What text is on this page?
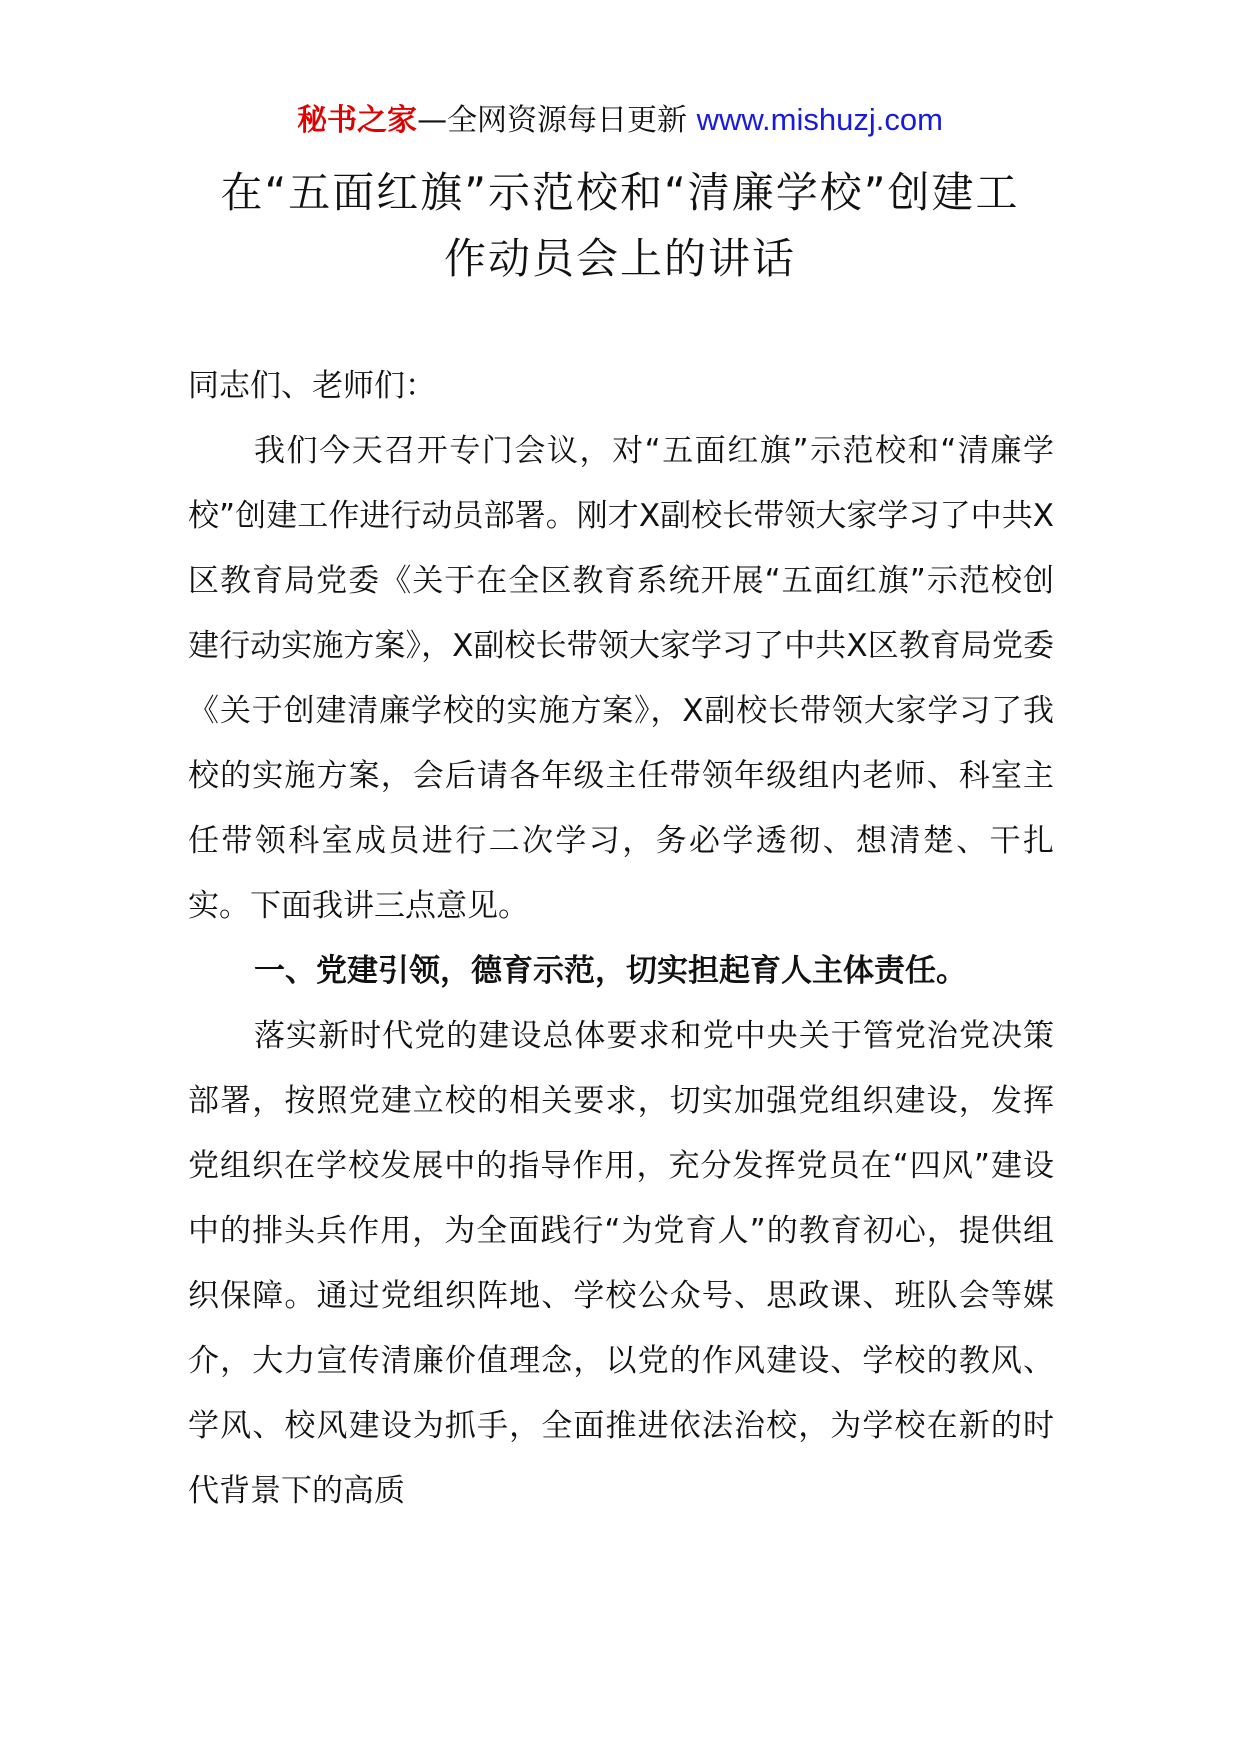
秘书之家—全网资源每日更新 www.mishuzj.com
在“五面红旗”示范校和“清廉学校”创建工作动员会上的讲话

同志们、老师们：

我们今天召开专门会议，对“五面红旗”示范校和“清廉学校”创建工作进行动员部署。刚才X副校长带领大家学习了中共X区教育局党委《关于在全区教育系统开展“五面红旗”示范校创建行动实施方案》，X副校长带领大家学习了中共X区教育局党委《关于创建清廉学校的实施方案》，X副校长带领大家学习了我校的实施方案，会后请各年级主任带领年级组内老师、科室主任带领科室成员进行二次学习，务必学透彻、想清楚、干扎实。下面我讲三点意见。

一、党建引领，德育示范，切实担起育人主体责任。

落实新时代党的建设总体要求和党中央关于管党治党决策部署，按照党建立校的相关要求，切实加强党组织建设，发挥党组织在学校发展中的指导作用，充分发挥党员在“四风”建设中的排头兵作用，为全面践行“为党育人”的教育初心，提供组织保障。通过党组织阵地、学校公众号、思政课、班队会等媒介，大力宣传清廉价值理念，以党的作风建设、学校的教风、学风、校风建设为抓手，全面推进依法治校，为学校在新的时代背景下的高质
